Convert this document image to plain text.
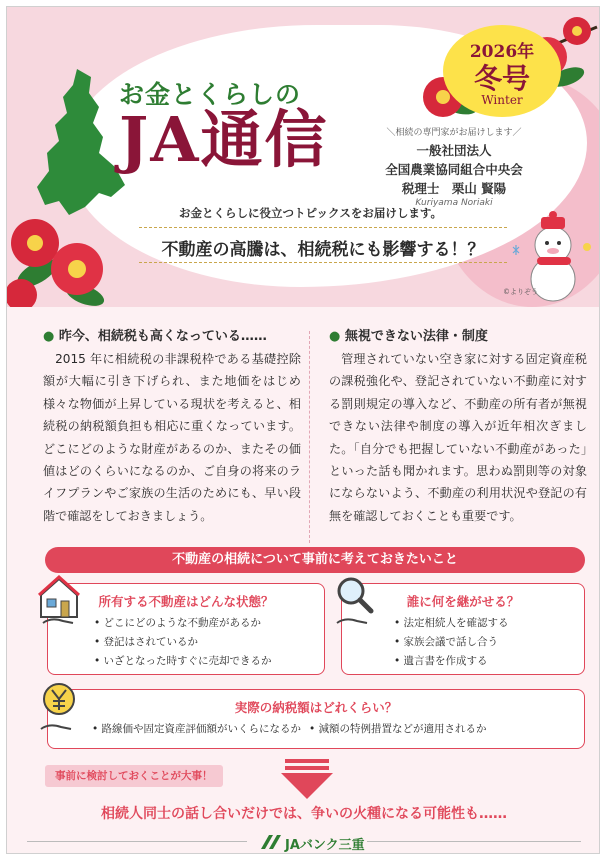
お金とくらしの
JA通信
2026年
冬号
Winter
＼相続の専門家がお届けします／
一般社団法人
全国農業協同組合中央会
税理士　栗山 賢陽
Kuriyama Noriaki
お金とくらしに役立つトピックスをお届けします。
不動産の高騰は、相続税にも影響する！？
©よりぞう
● 昨今、相続税も高くなっている……

2015 年に相続税の非課税枠である基礎控除額が大幅に引き下げられ、また地価をはじめ様々な物価が上昇している現状を考えると、相続税の納税額負担も相応に重くなっています。どこにどのような財産があるのか、またその価値はどのくらいになるのか、ご自身の将来のライフプランやご家族の生活のためにも、早い段階で確認をしておきましょう。

● 無視できない法律・制度

管理されていない空き家に対する固定資産税の課税強化や、登記されていない不動産に対する罰則規定の導入など、不動産の所有者が無視できない法律や制度の導入が近年相次ぎました。「自分でも把握していない不動産があった」といった話も聞かれます。思わぬ罰則等の対象にならないよう、不動産の利用状況や登記の有無を確認しておくことも重要です。

不動産の相続について事前に考えておきたいこと
所有する不動産はどんな状態？
• どこにどのような不動産があるか
• 登記はされているか
• いざとなった時すぐに売却できるか
誰に何を継がせる？
• 法定相続人を確認する
• 家族会議で話し合う
• 遺言書を作成する
実際の納税額はどれくらい？
• 路線価や固定資産評価額がいくらになるか
•	減額の特例措置などが適用されるか
事前に検討しておくことが大事！
相続人同士の話し合いだけでは、争いの火種になる可能性も……
JAバンク三重
